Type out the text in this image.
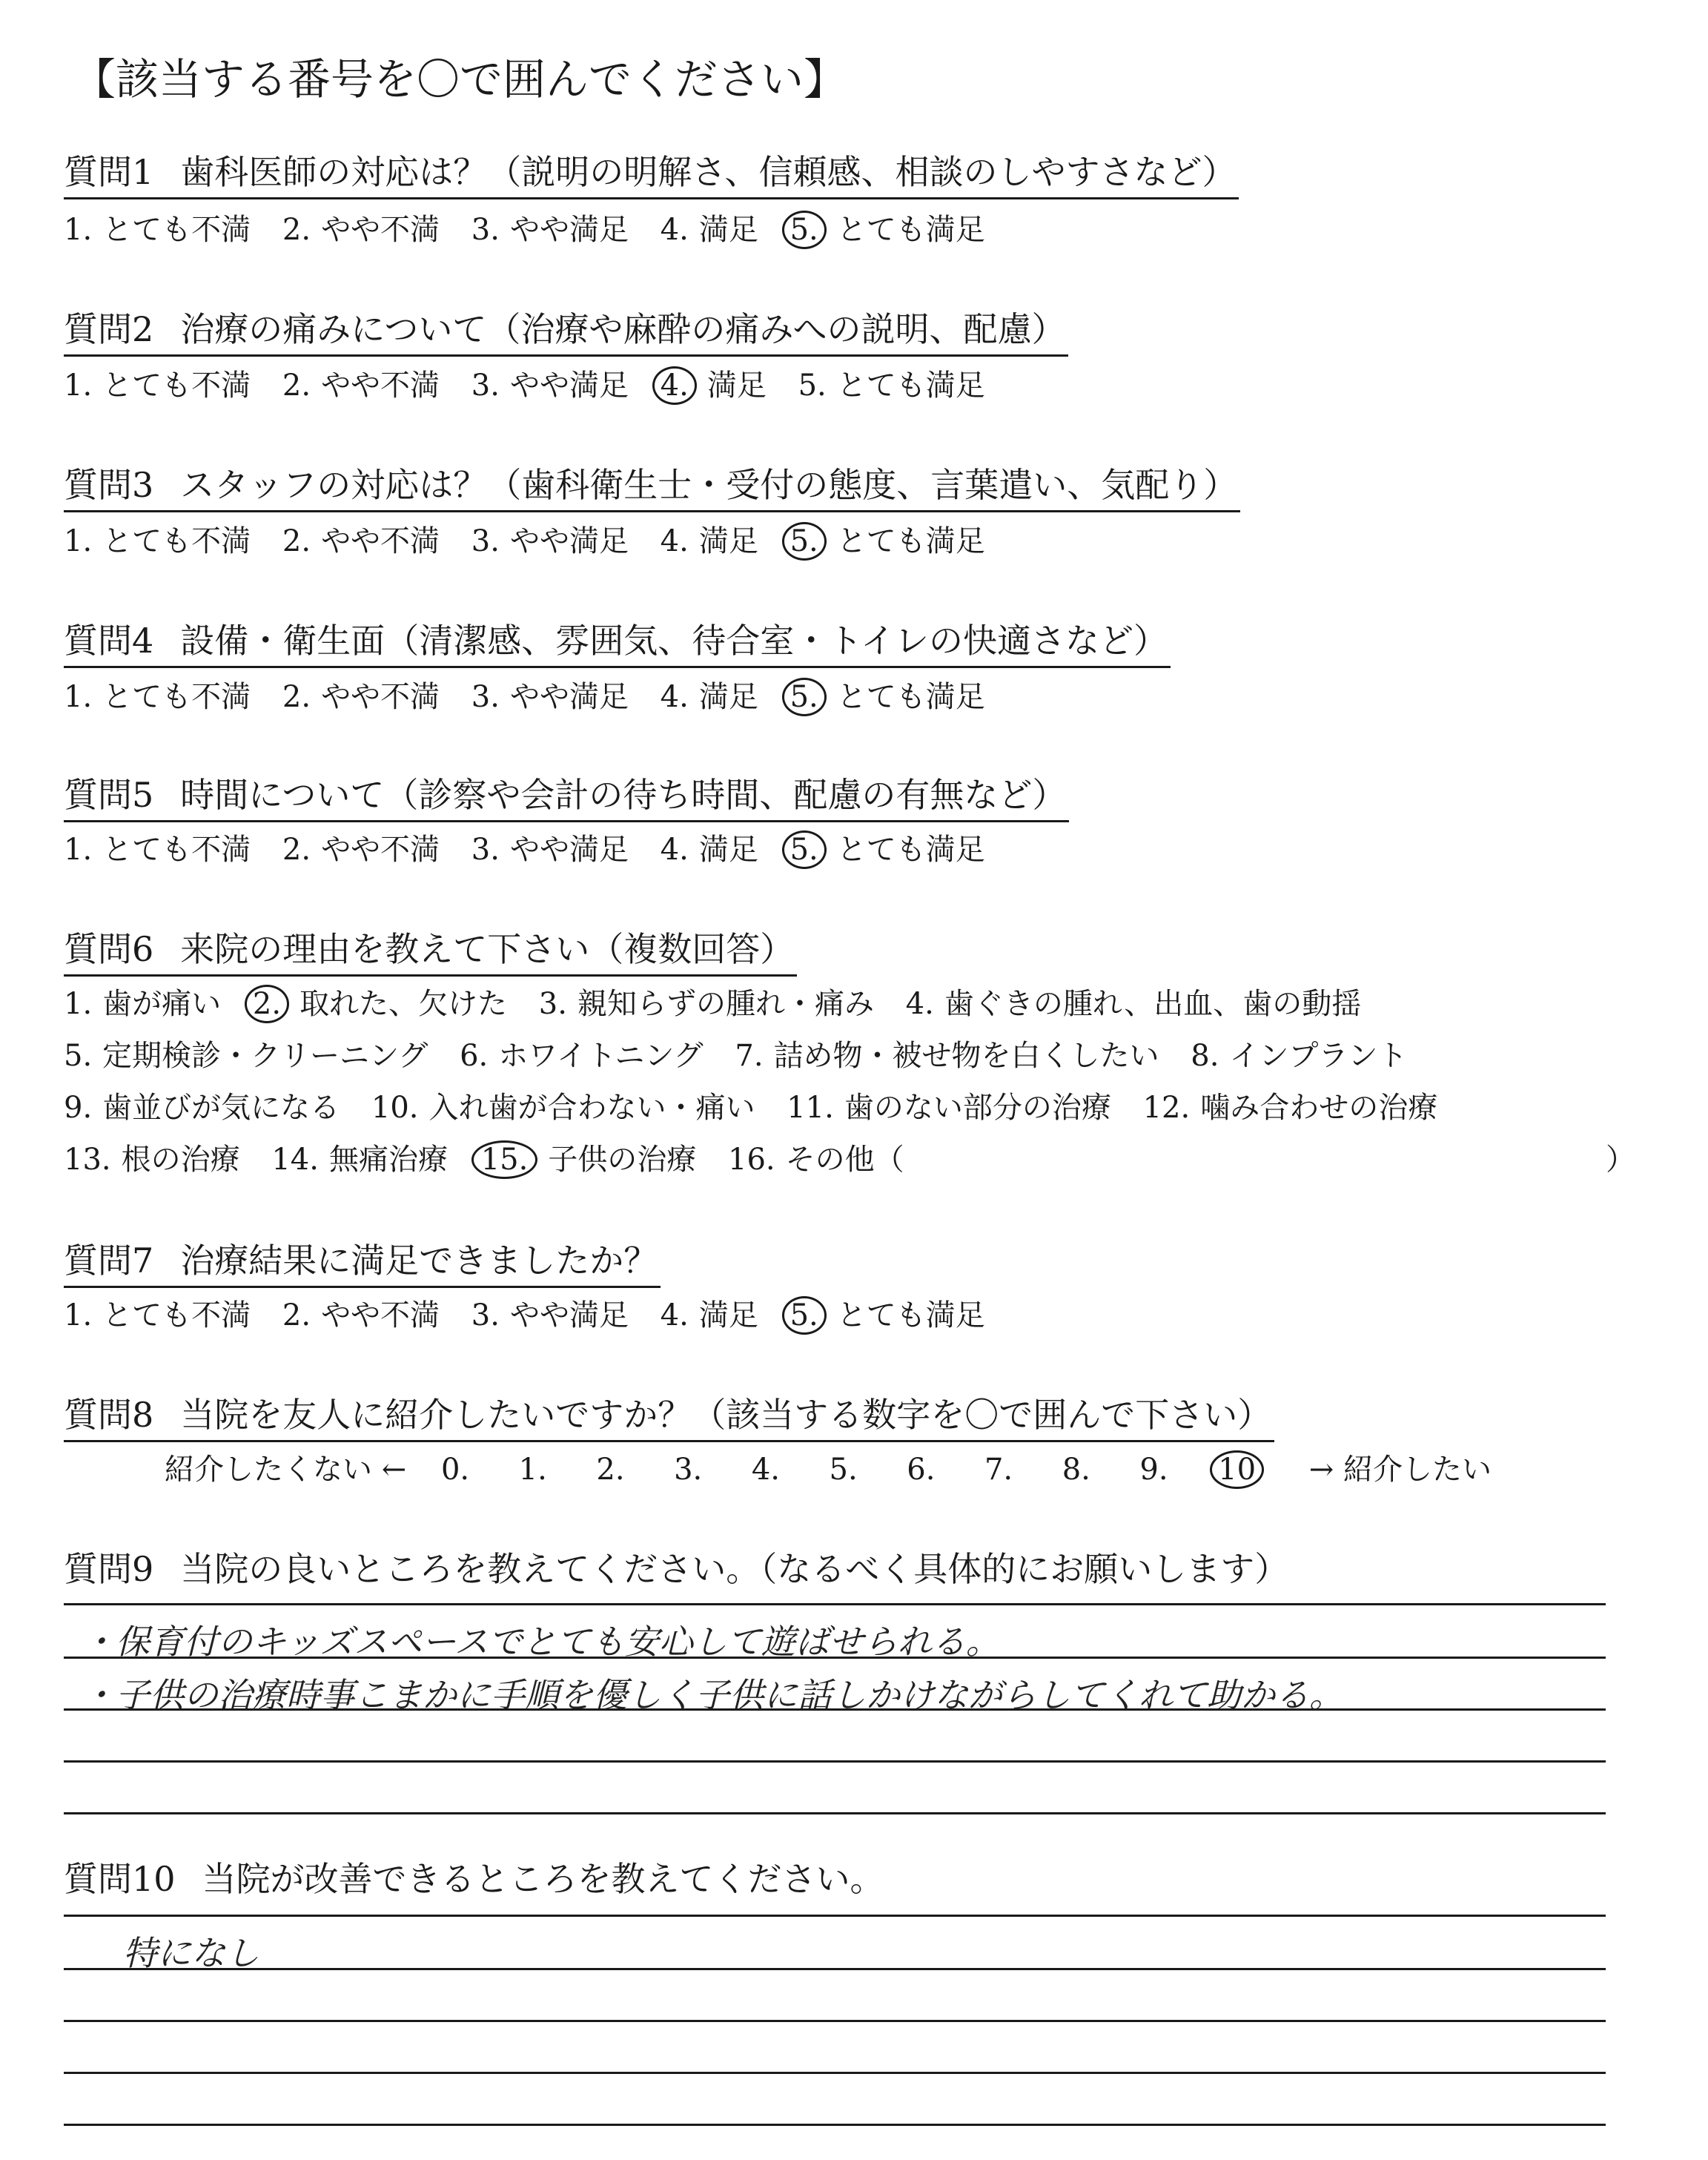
【該当する番号を〇で囲んでください】
質問1 歯科医師の対応は？（説明の明解さ、信頼感、相談のしやすさなど）
1. とても不満 2. やや不満 3. やや満足 4. 満足 5. とても満足
質問2 治療の痛みについて（治療や麻酔の痛みへの説明、配慮）
1. とても不満 2. やや不満 3. やや満足 4. 満足 5. とても満足
質問3 スタッフの対応は？（歯科衛生士・受付の態度、言葉遣い、気配り）
1. とても不満 2. やや不満 3. やや満足 4. 満足 5. とても満足
質問4 設備・衛生面（清潔感、雰囲気、待合室・トイレの快適さなど）
1. とても不満 2. やや不満 3. やや満足 4. 満足 5. とても満足
質問5 時間について（診察や会計の待ち時間、配慮の有無など）
1. とても不満 2. やや不満 3. やや満足 4. 満足 5. とても満足
質問6 来院の理由を教えて下さい（複数回答）
1. 歯が痛い 2. 取れた、欠けた 3. 親知らずの腫れ・痛み 4. 歯ぐきの腫れ、出血、歯の動揺
5. 定期検診・クリーニング 6. ホワイトニング 7. 詰め物・被せ物を白くしたい 8. インプラント
9. 歯並びが気になる 10. 入れ歯が合わない・痛い 11. 歯のない部分の治療 12. 噛み合わせの治療
13. 根の治療 14. 無痛治療 15. 子供の治療 16. その他（	）
質問7 治療結果に満足できましたか？
1. とても不満 2. やや不満 3. やや満足 4. 満足 5. とても満足
質問8 当院を友人に紹介したいですか？（該当する数字を〇で囲んで下さい）
紹介したくない ← 0. 1. 2. 3. 4. 5. 6. 7. 8. 9. 10 → 紹介したい
質問9 当院の良いところを教えてください。（なるべく具体的にお願いします）
・保育付のキッズスペースでとても安心して遊ばせられる。
・子供の治療時事こまかに手順を優しく子供に話しかけながらしてくれて助かる。
質問10 当院が改善できるところを教えてください。
特になし
